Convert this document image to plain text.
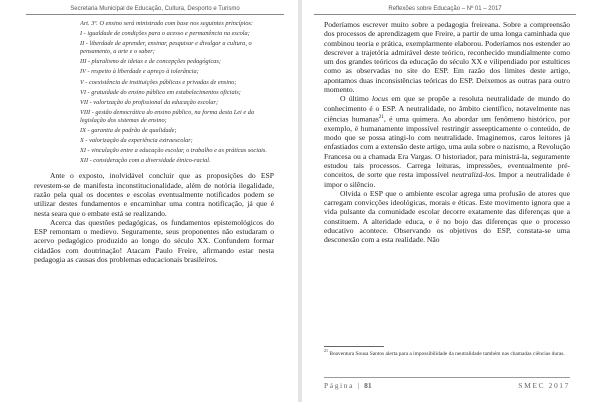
Secretaria Municipal de Educação, Cultura, Desporto e Turismo

Art. 3º. O ensino será ministrado com base nos seguintes princípios:

I - igualdade de condições para o acesso e permanência na escola;

II - liberdade de aprender, ensinar, pesquisar e divulgar a cultura, o pensamento, a arte e o saber;

III - pluralismo de ideias e de concepções pedagógicas;

IV - respeito à liberdade e apreço à tolerância;

V - coexistência de instituições públicas e privadas de ensino;

VI - gratuidade do ensino público em estabelecimentos oficiais;

VII - valorização do profissional da educação escolar;

VIII - gestão democrática do ensino público, na forma desta Lei e da legislação dos sistemas de ensino;

IX - garantia de padrão de qualidade;

X - valorização da experiência extraescolar;

XI - vinculação entre a educação escolar, o trabalho e as práticas sociais.

XII - consideração com a diversidade étnico-racial.

Ante o exposto, inolvidável concluir que as proposições do ESP revestem-se de manifesta inconstitucionalidade, além de notória ilegalidade, razão pela qual os docentes e escolas eventualmente notificados podem se utilizar destes fundamentos e encaminhar uma contra notificação, já que é nesta seara que o embate está se realizando.

Acerca das questões pedagógicas, os fundamentos epistemológicos do ESP remontam o medievo. Seguramente, seus proponentes não estudaram o acervo pedagógico produzido ao longo do século XX. Confundem formar cidadãos com doutrinação! Atacam Paulo Freire, afirmando estar nesta pedagogia as causas dos problemas educacionais brasileiros.

Reflexões sobre Educação – Nº 01 – 2017

Poderíamos escrever muito sobre a pedagogia freireana. Sobre a compreensão dos processos de aprendizagem que Freire, a partir de uma longa caminhada que combinou teoria e prática, exemplarmente elaborou. Poderíamos nos estender ao descrever a trajetória admirável deste teórico, reconhecido mundialmente como um dos grandes teóricos da educação do século XX e vilipendiado por estultices como as observadas no site do ESP. Em razão dos limites deste artigo, apontamos duas inconsistências teóricas do ESP. Deixemos as outras para outro momento.

O último locus em que se propõe a resoluta neutralidade de mundo do conhecimento é o ESP. A neutralidade, no âmbito científico, notavelmente nas ciências humanas$^{21}$, é uma quimera. Ao abordar um fenômeno histórico, por exemplo, é humanamente impossível restringir asseepticamente o conteúdo, de modo que se possa atingi-lo com neutralidade. Imaginemos, caros leitores já enfastiados com a extensão deste artigo, uma aula sobre o nazismo, a Revolução Francesa ou a chamada Era Vargas. O historiador, para ministrá-la, seguramente estudou tais processos. Carrega leituras, impressões, eventualmente pré-conceitos, de sorte que resta impossível neutralizá-los. Impor a neutralidade é impor o silêncio.

Olvida o ESP que o ambiente escolar agrega uma profusão de atores que carregam convicções ideológicas, morais e éticas. Este movimento ignora que a vida pulsante da comunidade escolar decorre exatamente das diferenças que a constituem. A alteridade educa, e é no bojo das diferenças que o processo educativo acontece. Observando os objetivos do ESP, constata-se uma desconexão com a esta realidade. Não

$^{21}$ Boaventura Sousa Santos alerta para a impossibilidade da neutralidade também nas chamadas ciências duras.
Página | 81	SMEC 2017
